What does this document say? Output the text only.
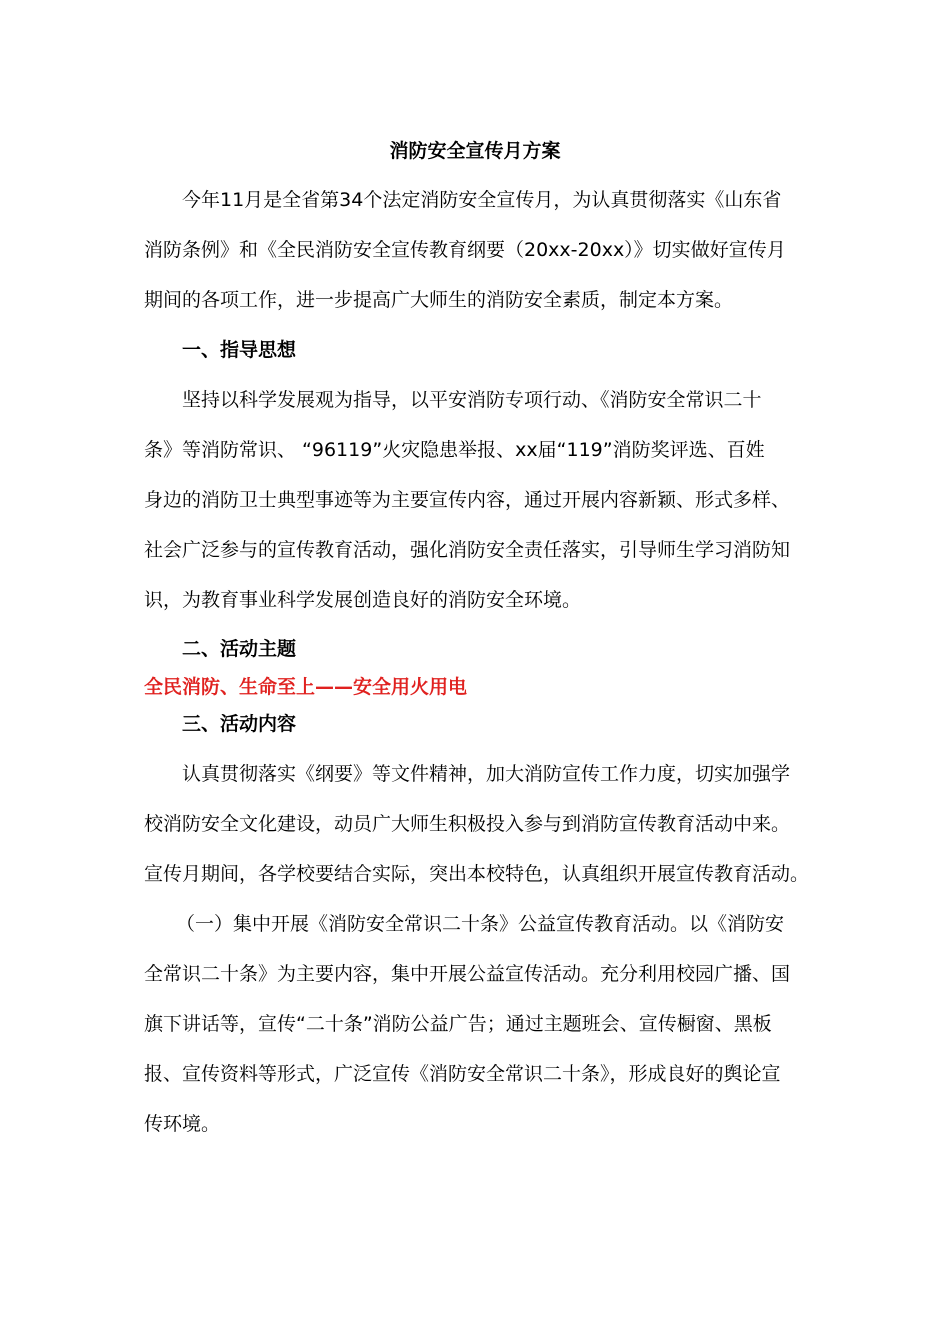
消防安全宣传月方案
今年11月是全省第34个法定消防安全宣传月，为认真贯彻落实《山东省
消防条例》和《全民消防安全宣传教育纲要（20xx-20xx）》切实做好宣传月
期间的各项工作，进一步提高广大师生的消防安全素质，制定本方案。
一、指导思想
坚持以科学发展观为指导，以平安消防专项行动、《消防安全常识二十
条》等消防常识、 “96119”火灾隐患举报、xx届“119”消防奖评选、百姓
身边的消防卫士典型事迹等为主要宣传内容，通过开展内容新颖、形式多样、
社会广泛参与的宣传教育活动，强化消防安全责任落实，引导师生学习消防知
识，为教育事业科学发展创造良好的消防安全环境。
二、活动主题
全民消防、生命至上——安全用火用电
三、活动内容
认真贯彻落实《纲要》等文件精神，加大消防宣传工作力度，切实加强学
校消防安全文化建设，动员广大师生积极投入参与到消防宣传教育活动中来。
宣传月期间，各学校要结合实际，突出本校特色，认真组织开展宣传教育活动。
（一）集中开展《消防安全常识二十条》公益宣传教育活动。以《消防安
全常识二十条》为主要内容，集中开展公益宣传活动。充分利用校园广播、国
旗下讲话等，宣传“二十条”消防公益广告；通过主题班会、宣传橱窗、黑板
报、宣传资料等形式，广泛宣传《消防安全常识二十条》，形成良好的舆论宣
传环境。
